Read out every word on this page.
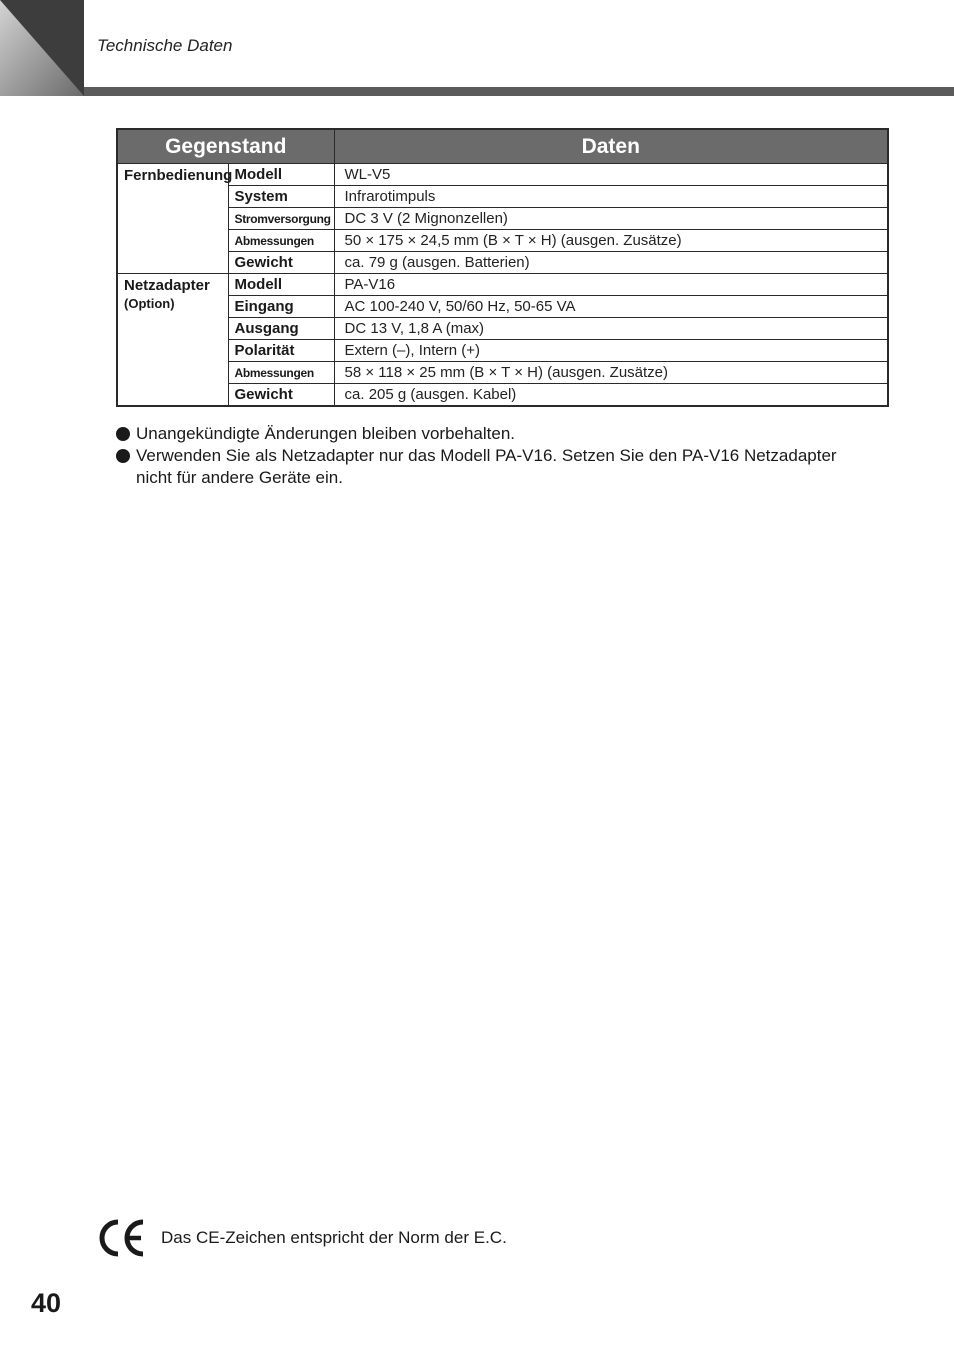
Technische Daten
Gegenstand		Daten

Fernbedienung	Modell	WL-V5
	System	Infrarotimpuls
	Stromversorgung	DC 3 V (2 Mignonzellen)
	Abmessungen	50 × 175 × 24,5 mm (B × T × H) (ausgen. Zusätze)
	Gewicht	ca. 79 g (ausgen. Batterien)

Netzadapter
(Option)	Modell	PA-V16
	Eingang	AC 100-240 V, 50/60 Hz, 50-65 VA
	Ausgang	DC 13 V, 1,8 A (max)
	Polarität	Extern (–), Intern (+)
	Abmessungen	58 × 118 × 25 mm (B × T × H) (ausgen. Zusätze)
	Gewicht	ca. 205 g (ausgen. Kabel)
Unangekündigte Änderungen bleiben vorbehalten.
Verwenden Sie als Netzadapter nur das Modell PA-V16. Setzen Sie den PA-V16 Netzadapter nicht für andere Geräte ein.
Das CE-Zeichen entspricht der Norm der E.C.
40
